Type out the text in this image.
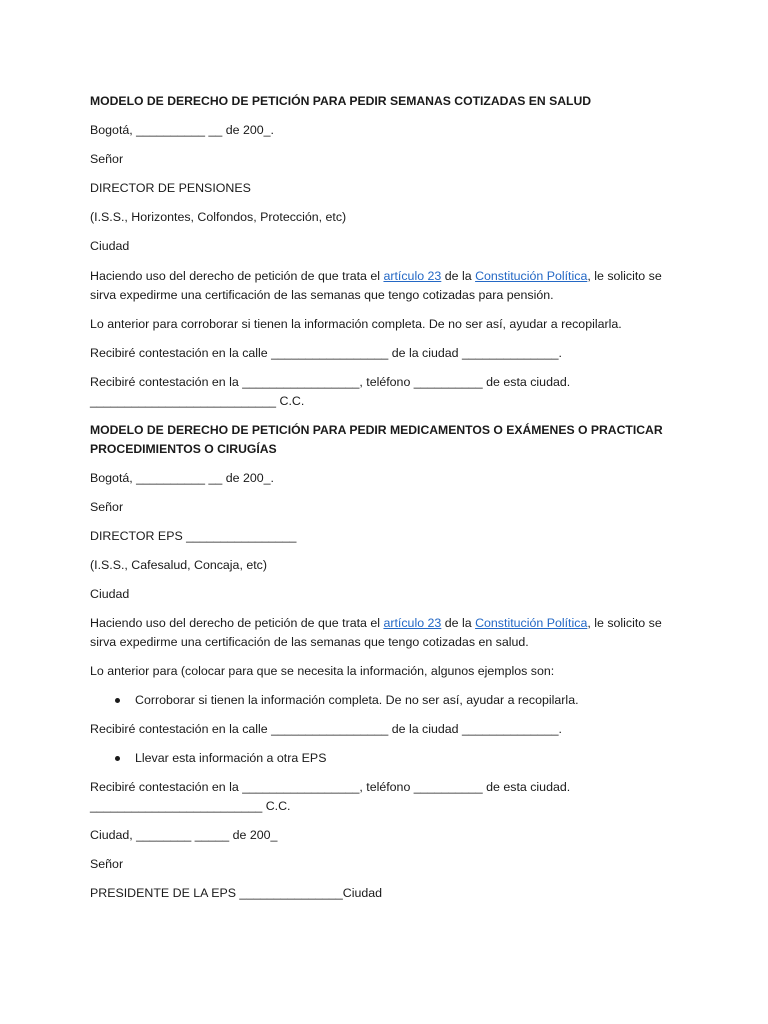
MODELO DE DERECHO DE PETICIÓN PARA PEDIR SEMANAS COTIZADAS EN SALUD
Bogotá, __________ __ de 200_.
Señor
DIRECTOR DE PENSIONES
(I.S.S., Horizontes, Colfondos, Protección, etc)
Ciudad
Haciendo uso del derecho de petición de que trata el artículo 23 de la Constitución Política, le solicito se
sirva expedirme una certificación de las semanas que tengo cotizadas para pensión.
Lo anterior para corroborar si tienen la información completa. De no ser así, ayudar a recopilarla.
Recibiré contestación en la calle _________________ de la ciudad ______________.
Recibiré contestación en la _________________, teléfono __________ de esta ciudad.
___________________________ C.C.
MODELO DE DERECHO DE PETICIÓN PARA PEDIR MEDICAMENTOS O EXÁMENES O PRACTICAR
PROCEDIMIENTOS O CIRUGÍAS
Bogotá, __________ __ de 200_.
Señor
DIRECTOR EPS ________________
(I.S.S., Cafesalud, Concaja, etc)
Ciudad
Haciendo uso del derecho de petición de que trata el artículo 23 de la Constitución Política, le solicito se
sirva expedirme una certificación de las semanas que tengo cotizadas en salud.
Lo anterior para (colocar para que se necesita la información, algunos ejemplos son:
Corroborar si tienen la información completa. De no ser así, ayudar a recopilarla.
Recibiré contestación en la calle _________________ de la ciudad ______________.
Llevar esta información a otra EPS
Recibiré contestación en la _________________, teléfono __________ de esta ciudad.
_________________________ C.C.
Ciudad, ________ _____ de 200_
Señor
PRESIDENTE DE LA EPS _______________Ciudad
